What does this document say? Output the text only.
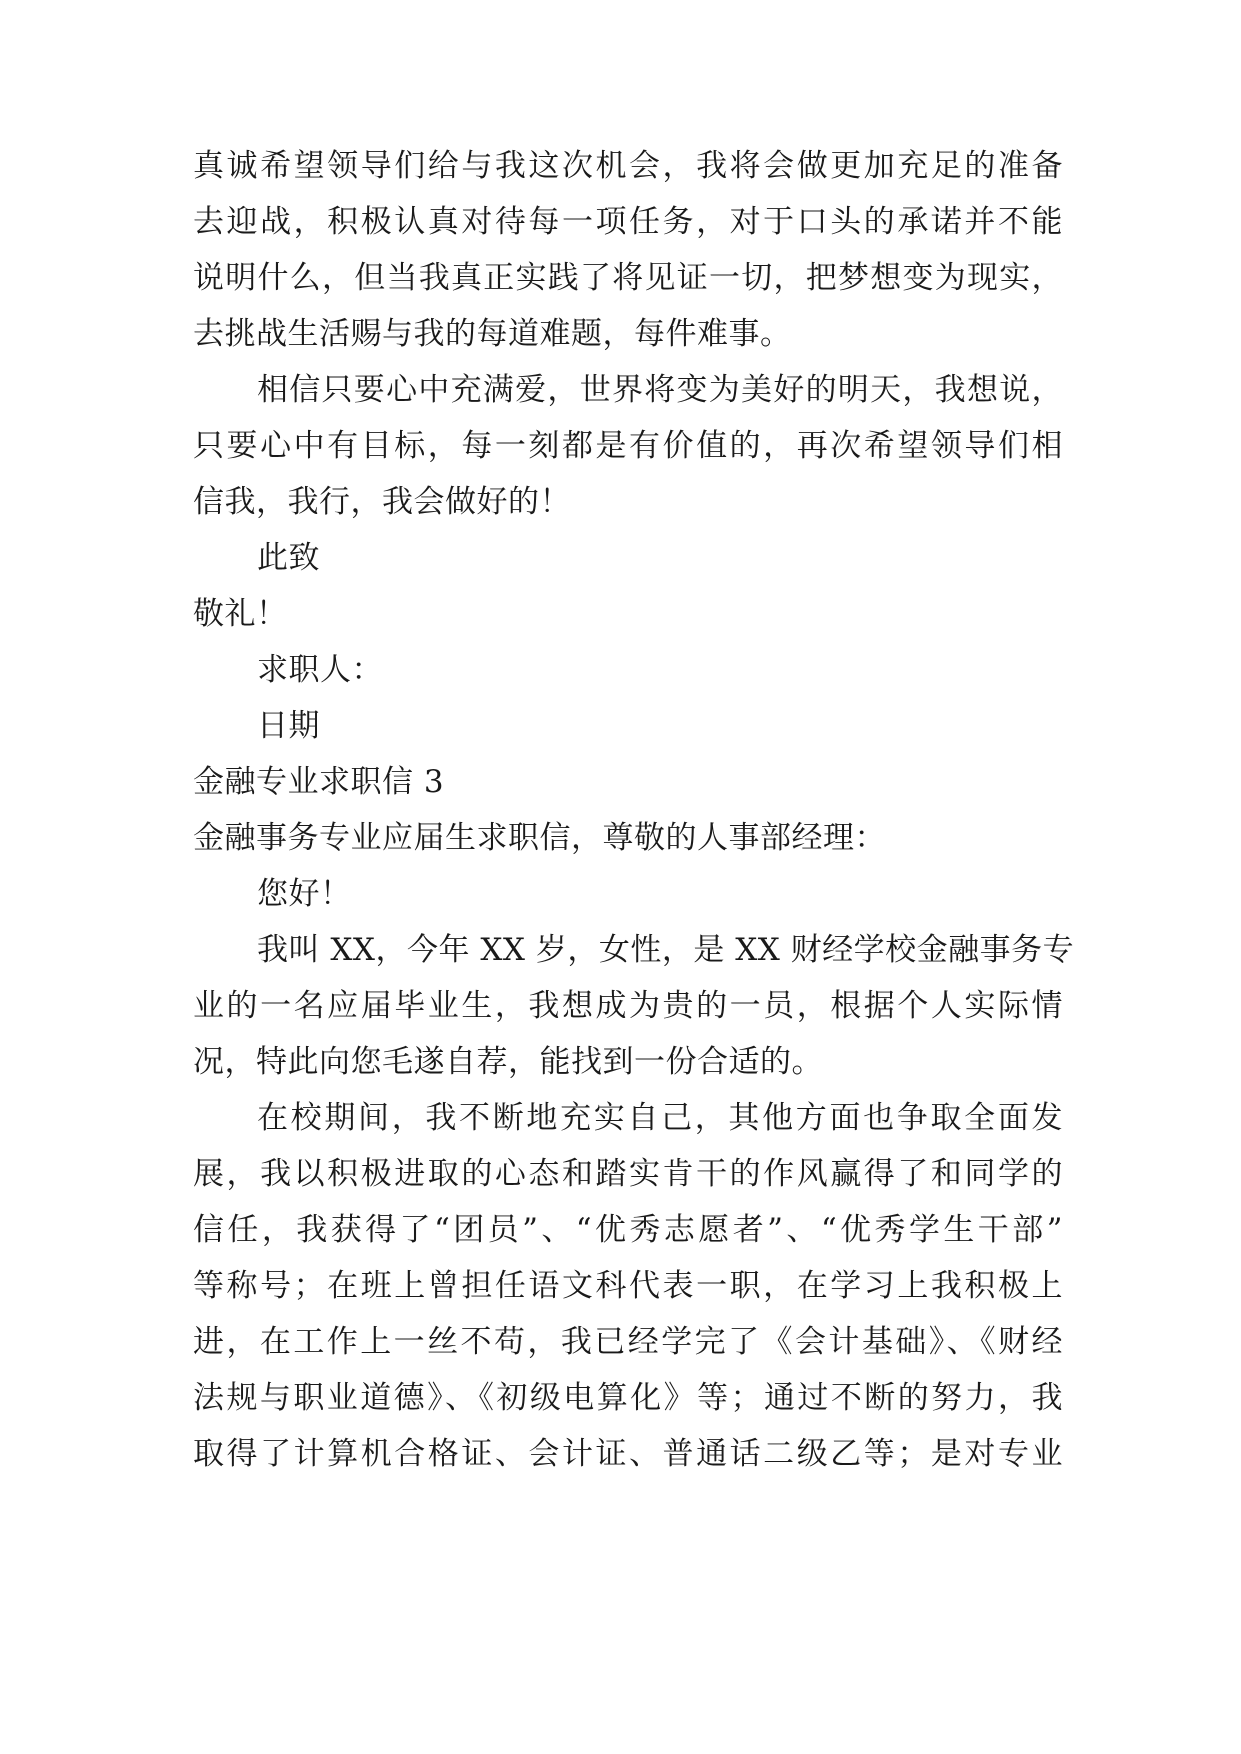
真诚希望领导们给与我这次机会，我将会做更加充足的准备
去迎战，积极认真对待每一项任务，对于口头的承诺并不能
说明什么，但当我真正实践了将见证一切，把梦想变为现实，
去挑战生活赐与我的每道难题，每件难事。
相信只要心中充满爱，世界将变为美好的明天，我想说，
只要心中有目标，每一刻都是有价值的，再次希望领导们相
信我，我行，我会做好的！
此致
敬礼！
求职人：
日期
金融专业求职信 3
金融事务专业应届生求职信，尊敬的人事部经理：
您好！
我叫 XX，今年 XX 岁，女性，是 XX 财经学校金融事务专
业的一名应届毕业生，我想成为贵的一员，根据个人实际情
况，特此向您毛遂自荐，能找到一份合适的。
在校期间，我不断地充实自己，其他方面也争取全面发
展，我以积极进取的心态和踏实肯干的作风赢得了和同学的
信任，我获得了“团员”、“优秀志愿者”、“优秀学生干部”
等称号；在班上曾担任语文科代表一职，在学习上我积极上
进，在工作上一丝不苟，我已经学完了《会计基础》、《财经
法规与职业道德》、《初级电算化》等；通过不断的努力，我
取得了计算机合格证、会计证、普通话二级乙等；是对专业
